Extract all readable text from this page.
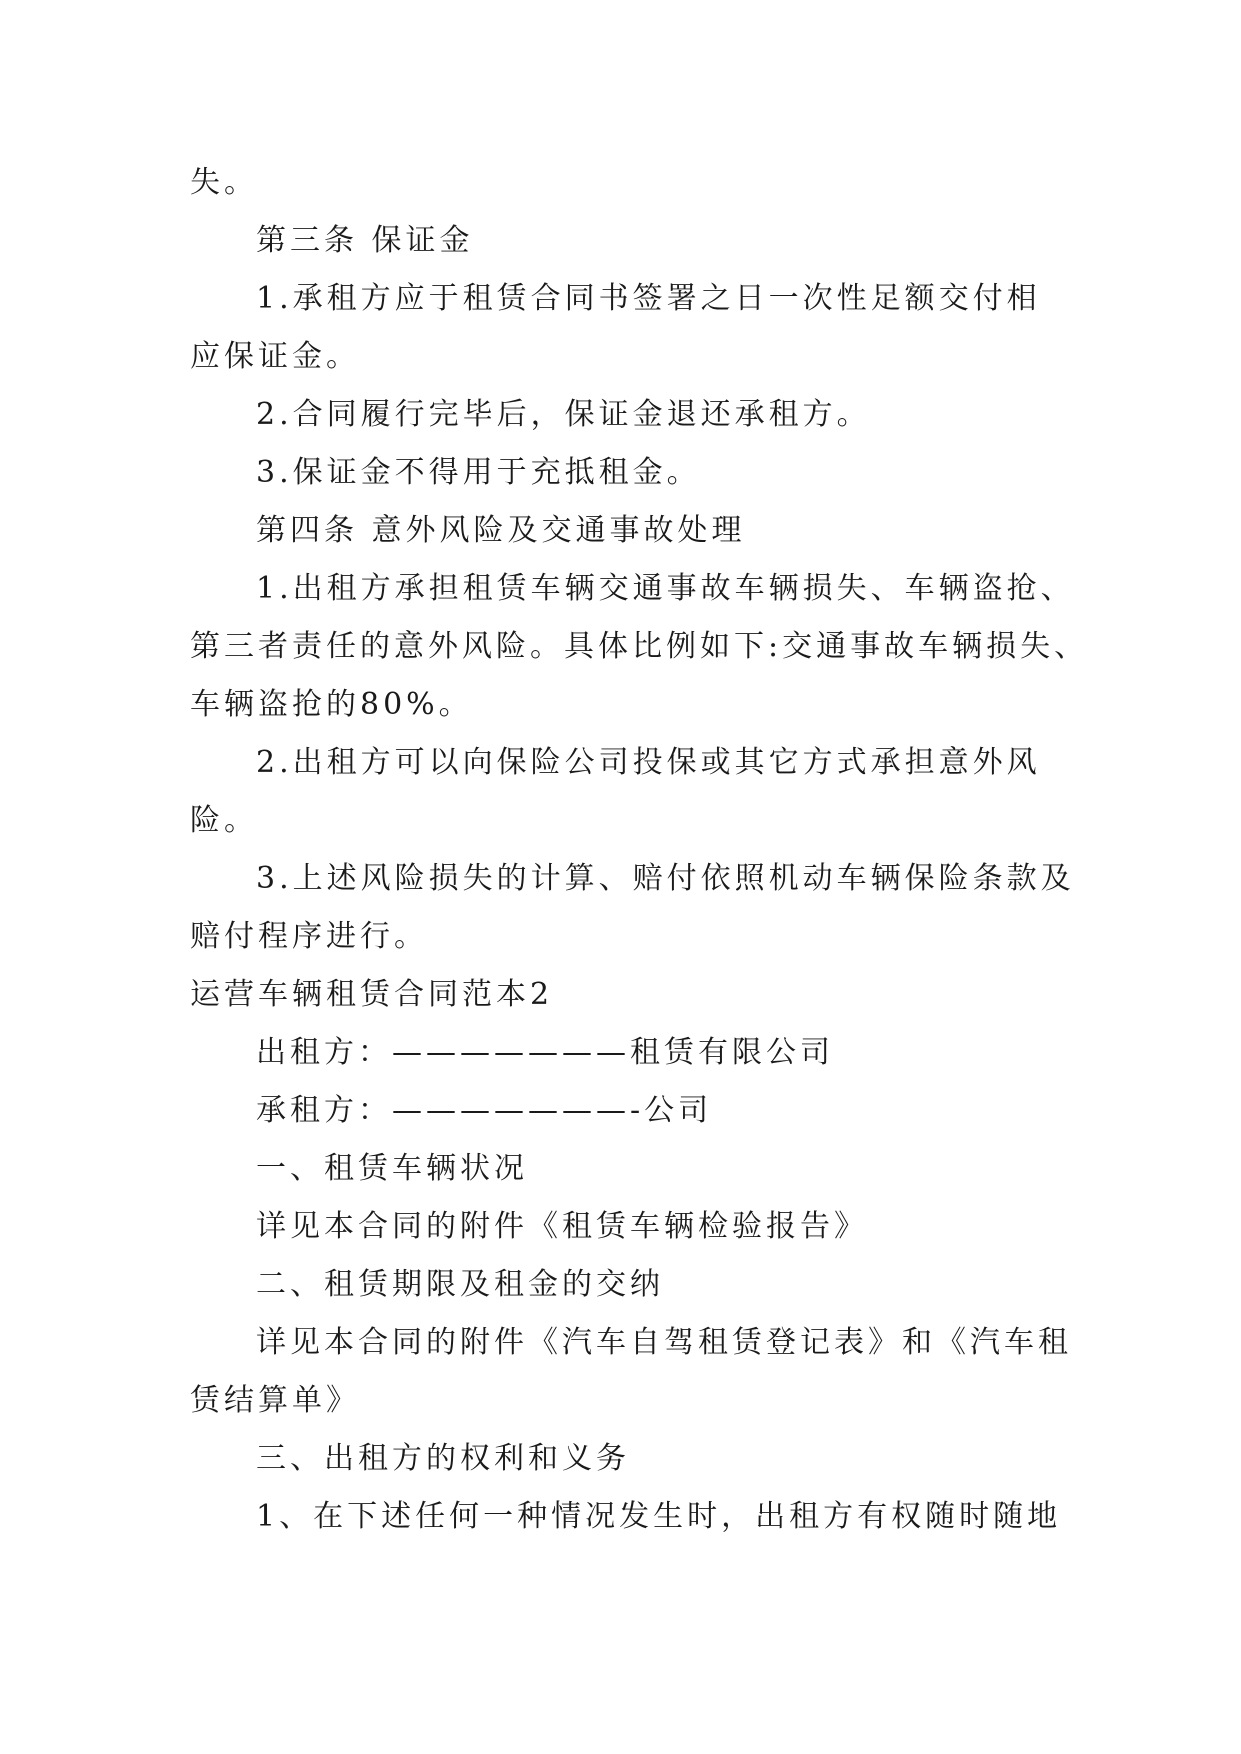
失。
第三条 保证金
1.承租方应于租赁合同书签署之日一次性足额交付相
应保证金。
2.合同履行完毕后，保证金退还承租方。
3.保证金不得用于充抵租金。
第四条 意外风险及交通事故处理
1.出租方承担租赁车辆交通事故车辆损失、车辆盗抢、
第三者责任的意外风险。具体比例如下:交通事故车辆损失、
车辆盗抢的80%。
2.出租方可以向保险公司投保或其它方式承担意外风
险。
3.上述风险损失的计算、赔付依照机动车辆保险条款及
赔付程序进行。
运营车辆租赁合同范本2
出租方：———————租赁有限公司
承租方：———————-公司
一、租赁车辆状况
详见本合同的附件《租赁车辆检验报告》
二、租赁期限及租金的交纳
详见本合同的附件《汽车自驾租赁登记表》和《汽车租
赁结算单》
三、出租方的权利和义务
1、在下述任何一种情况发生时，出租方有权随时随地
